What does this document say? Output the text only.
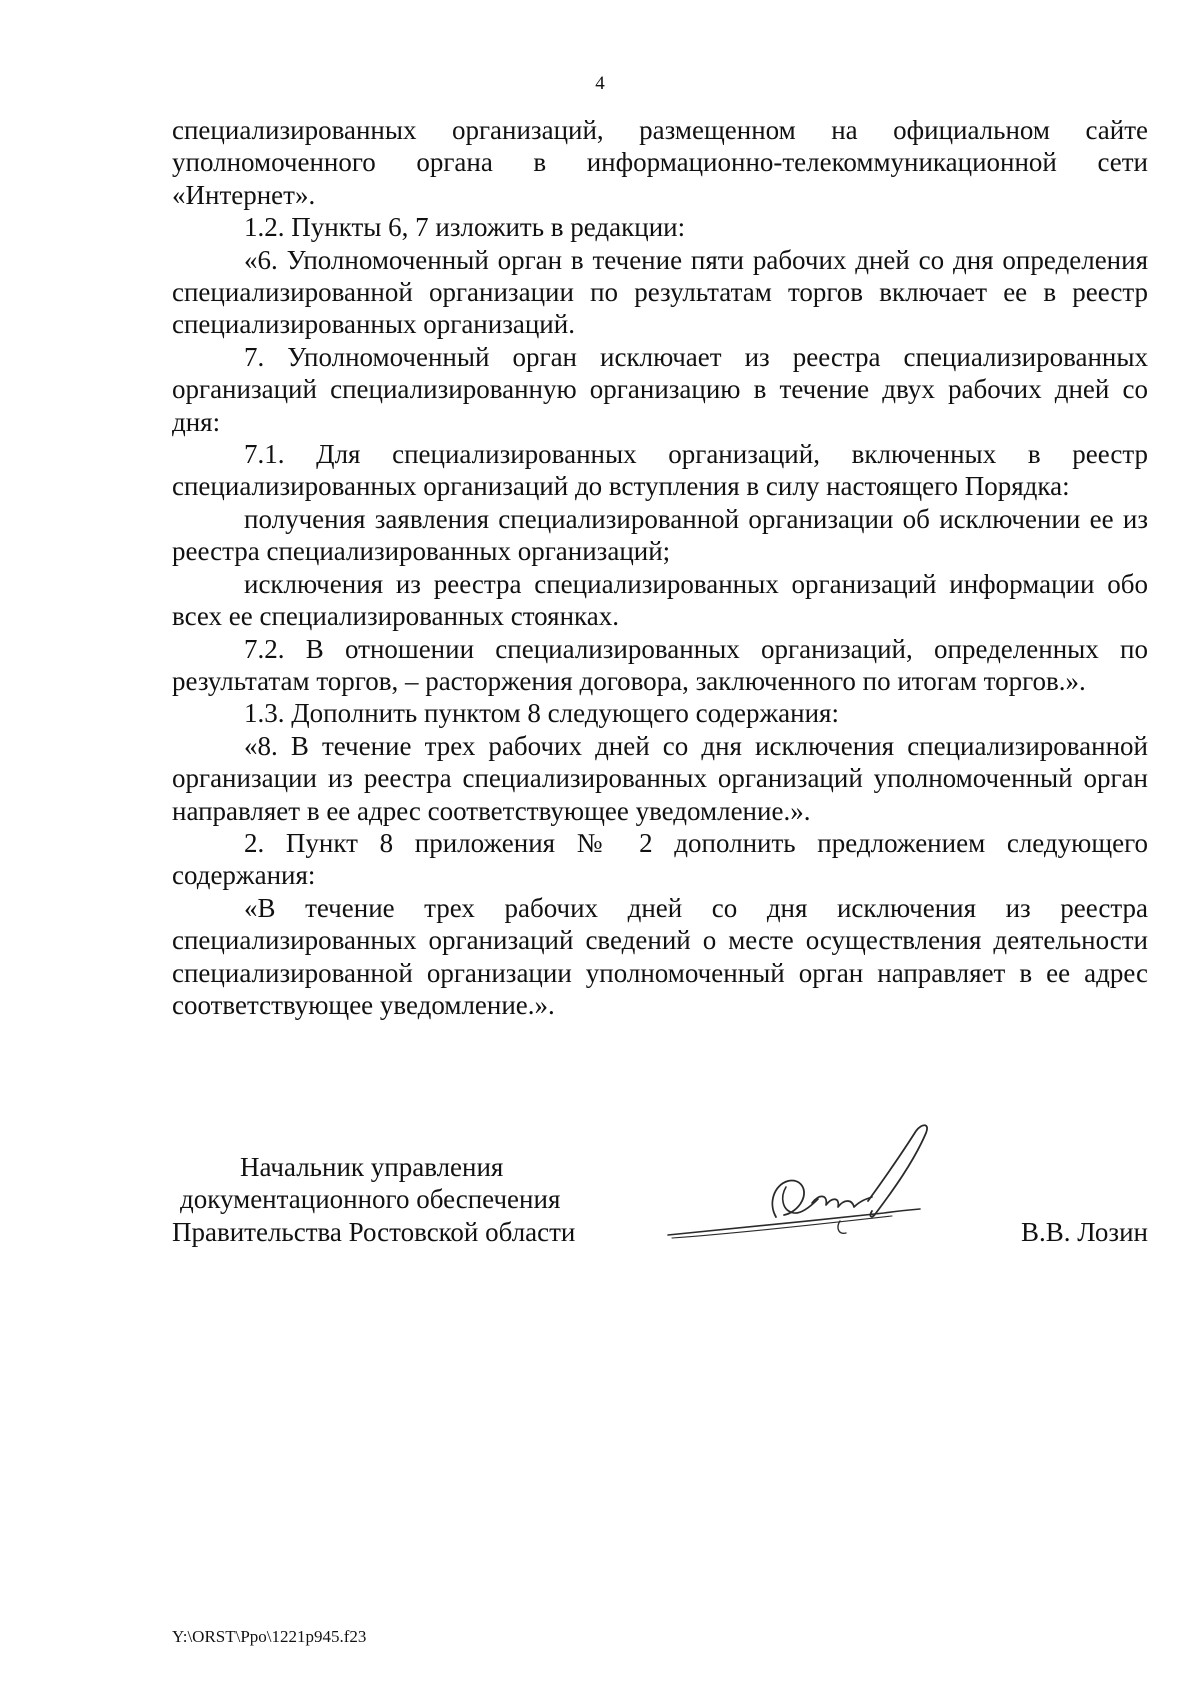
4

специализированных организаций, размещенном на официальном сайте уполномоченного органа в информационно-телекоммуникационной сети «Интернет».

1.2. Пункты 6, 7 изложить в редакции:

«6. Уполномоченный орган в течение пяти рабочих дней со дня определения специализированной организации по результатам торгов включает ее в реестр специализированных организаций.

7. Уполномоченный орган исключает из реестра специализированных организаций специализированную организацию в течение двух рабочих дней со дня:

7.1. Для специализированных организаций, включенных в реестр специализированных организаций до вступления в силу настоящего Порядка:

получения заявления специализированной организации об исключении ее из реестра специализированных организаций;

исключения из реестра специализированных организаций информации обо всех ее специализированных стоянках.

7.2. В отношении специализированных организаций, определенных по результатам торгов, – расторжения договора, заключенного по итогам торгов.».

1.3. Дополнить пунктом 8 следующего содержания:

«8. В течение трех рабочих дней со дня исключения специализированной организации из реестра специализированных организаций уполномоченный орган направляет в ее адрес соответствующее уведомление.».

2. Пункт 8 приложения № 2 дополнить предложением следующего содержания:

«В течение трех рабочих дней со дня исключения из реестра специализированных организаций сведений о месте осуществления деятельности специализированной организации уполномоченный орган направляет в ее адрес соответствующее уведомление.».

Начальник управления
документационного обеспечения
Правительства Ростовской области	В.В. Лозин
Y:\ORST\Ppo\1221p945.f23
